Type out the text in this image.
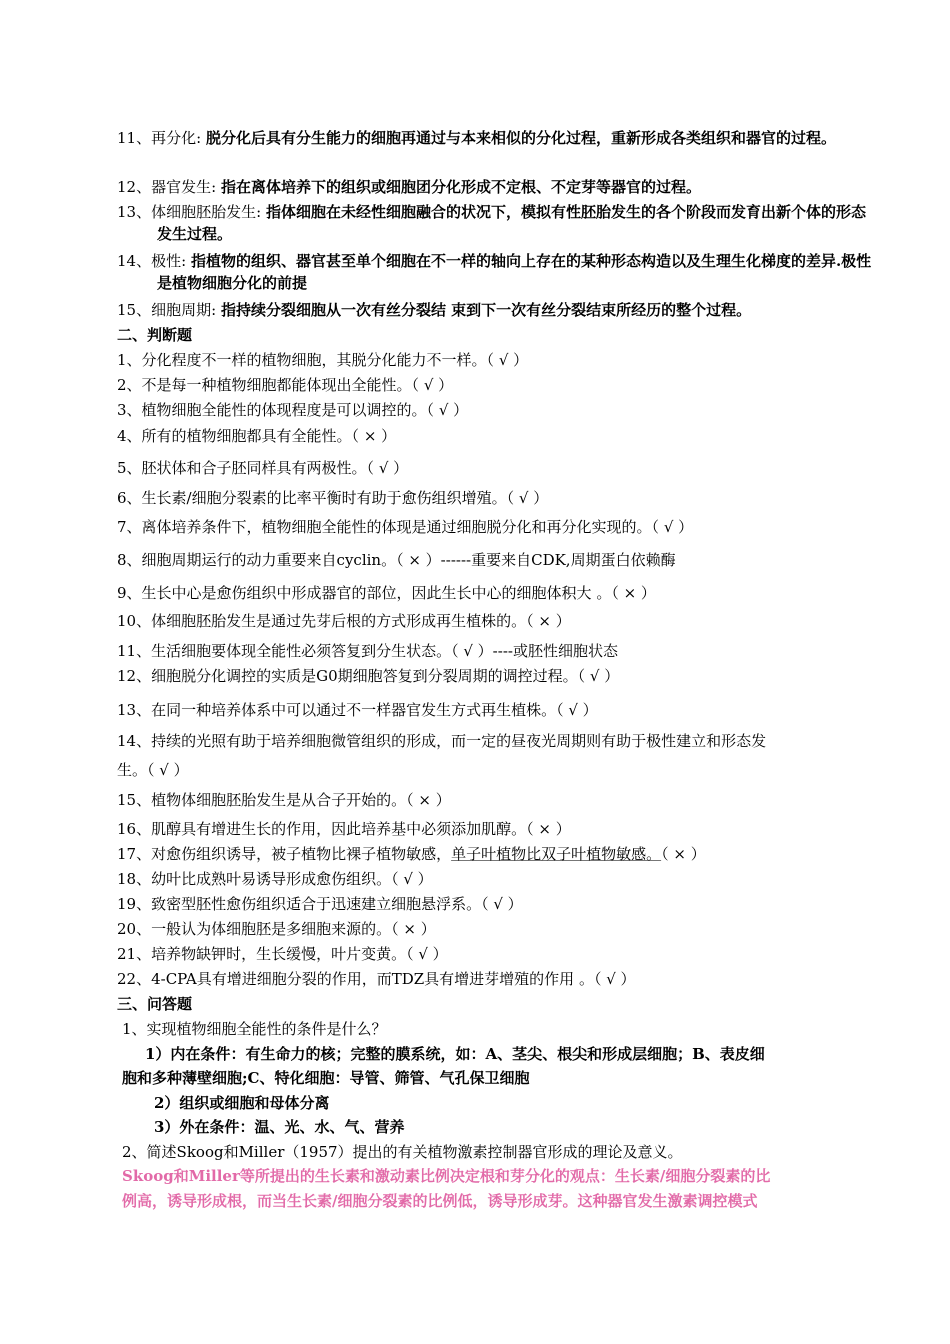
11、再分化: 脱分化后具有分生能力的细胞再通过与本来相似的分化过程，重新形成各类组织和器官的过程。
12、器官发生: 指在离体培养下的组织或细胞团分化形成不定根、不定芽等器官的过程。
13、体细胞胚胎发生: 指体细胞在未经性细胞融合的状况下，模拟有性胚胎发生的各个阶段而发育出新个体的形态发生过程。
14、极性: 指植物的组织、器官甚至单个细胞在不一样的轴向上存在的某种形态构造以及生理生化梯度的差异.极性是植物细胞分化的前提
15、细胞周期: 指持续分裂细胞从一次有丝分裂结 束到下一次有丝分裂结束所经历的整个过程。
二、判断题
1、分化程度不一样的植物细胞，其脱分化能力不一样。（ √ ）
2、不是每一种植物细胞都能体现出全能性。（ √ ）
3、植物细胞全能性的体现程度是可以调控的。（ √ ）
4、所有的植物细胞都具有全能性。（ × ）
5、胚状体和合子胚同样具有两极性。（ √ ）
6、生长素/细胞分裂素的比率平衡时有助于愈伤组织增殖。（ √ ）
7、离体培养条件下，植物细胞全能性的体现是通过细胞脱分化和再分化实现的。（ √ ）
8、细胞周期运行的动力重要来自cyclin。（ × ）------重要来自CDK,周期蛋白依赖酶
9、生长中心是愈伤组织中形成器官的部位，因此生长中心的细胞体积大 。（ × ）
10、体细胞胚胎发生是通过先芽后根的方式形成再生植株的。（ × ）
11、生活细胞要体现全能性必须答复到分生状态。（ √ ）----或胚性细胞状态
12、细胞脱分化调控的实质是G0期细胞答复到分裂周期的调控过程。（ √ ）
13、在同一种培养体系中可以通过不一样器官发生方式再生植株。（ √ ）
14、持续的光照有助于培养细胞微管组织的形成，而一定的昼夜光周期则有助于极性建立和形态发
生。（ √ ）
15、植物体细胞胚胎发生是从合子开始的。（ × ）
16、肌醇具有增进生长的作用，因此培养基中必须添加肌醇。（ × ）
17、对愈伤组织诱导，被子植物比裸子植物敏感，单子叶植物比双子叶植物敏感。（ × ）
18、幼叶比成熟叶易诱导形成愈伤组织。（ √ ）
19、致密型胚性愈伤组织适合于迅速建立细胞悬浮系。（ √ ）
20、一般认为体细胞胚是多细胞来源的。（ × ）
21、培养物缺钾时，生长缓慢，叶片变黄。（ √ ）
22、4-CPA具有增进细胞分裂的作用，而TDZ具有增进芽增殖的作用 。（ √ ）
三、问答题
1、实现植物细胞全能性的条件是什么？
1）内在条件：有生命力的核；完整的膜系统，如：A、茎尖、根尖和形成层细胞；B、表皮细
胞和多种薄壁细胞;C、特化细胞：导管、筛管、气孔保卫细胞
2）组织或细胞和母体分离
3）外在条件：温、光、水、气、营养
2、简述Skoog和Miller（1957）提出的有关植物激素控制器官形成的理论及意义。
Skoog和Miller等所提出的生长素和激动素比例决定根和芽分化的观点：生长素/细胞分裂素的比
例高，诱导形成根，而当生长素/细胞分裂素的比例低，诱导形成芽。这种器官发生激素调控模式
